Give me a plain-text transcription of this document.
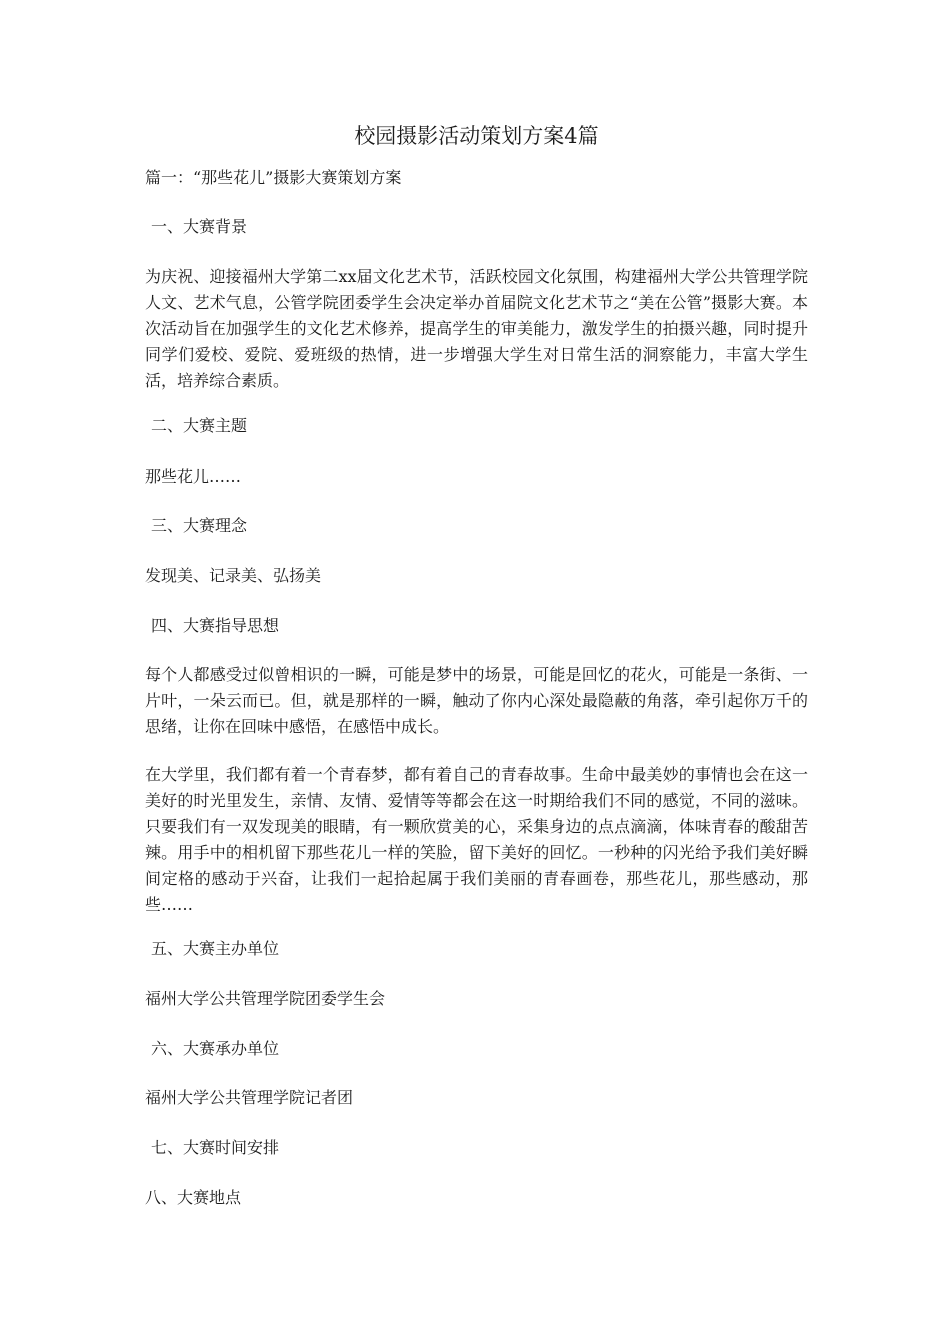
校园摄影活动策划方案4篇
篇一：“那些花儿”摄影大赛策划方案
一、大赛背景
为庆祝、迎接福州大学第二xx届文化艺术节，活跃校园文化氛围，构建福州大学公共管理学院人文、艺术气息，公管学院团委学生会决定举办首届院文化艺术节之“美在公管”摄影大赛。本次活动旨在加强学生的文化艺术修养，提高学生的审美能力，激发学生的拍摄兴趣，同时提升同学们爱校、爱院、爱班级的热情，进一步增强大学生对日常生活的洞察能力，丰富大学生活，培养综合素质。
二、大赛主题
那些花儿……
三、大赛理念
发现美、记录美、弘扬美
四、大赛指导思想
每个人都感受过似曾相识的一瞬，可能是梦中的场景，可能是回忆的花火，可能是一条街、一片叶，一朵云而已。但，就是那样的一瞬，触动了你内心深处最隐蔽的角落，牵引起你万千的思绪，让你在回味中感悟，在感悟中成长。
在大学里，我们都有着一个青春梦，都有着自己的青春故事。生命中最美妙的事情也会在这一美好的时光里发生，亲情、友情、爱情等等都会在这一时期给我们不同的感觉，不同的滋味。只要我们有一双发现美的眼睛，有一颗欣赏美的心，采集身边的点点滴滴，体味青春的酸甜苦辣。用手中的相机留下那些花儿一样的笑脸，留下美好的回忆。一秒种的闪光给予我们美好瞬间定格的感动于兴奋，让我们一起拾起属于我们美丽的青春画卷，那些花儿，那些感动，那些……
五、大赛主办单位
福州大学公共管理学院团委学生会
六、大赛承办单位
福州大学公共管理学院记者团
七、大赛时间安排
八、大赛地点
